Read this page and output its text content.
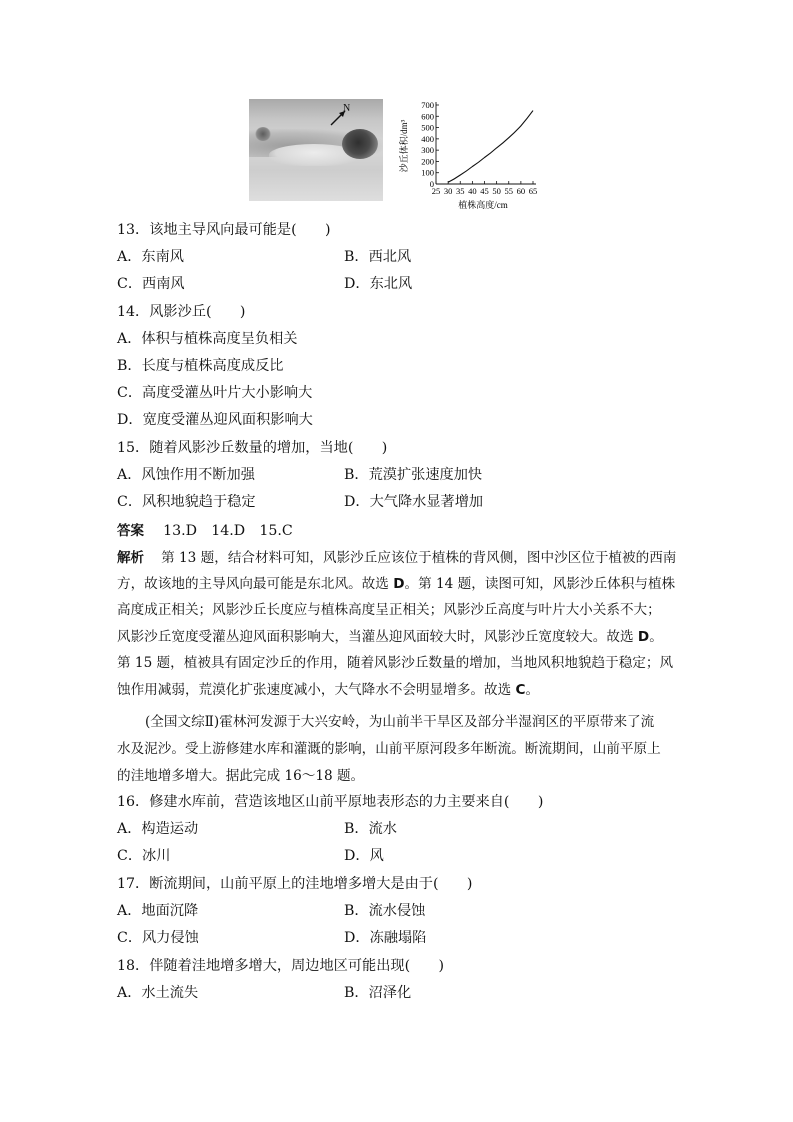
N
0
100
200
300
400
500
600
700
25 30 35 40 45 50 55 60 65
植株高度/cm
沙丘体积/dm³
13．该地主导风向最可能是(　　)
A．东南风	B．西北风
C．西南风	D．东北风
14．风影沙丘(　　)
A．体积与植株高度呈负相关
B．长度与植株高度成反比
C．高度受灌丛叶片大小影响大
D．宽度受灌丛迎风面积影响大
15．随着风影沙丘数量的增加，当地(　　)
A．风蚀作用不断加强	B．荒漠扩张速度加快
C．风积地貌趋于稳定	D．大气降水显著增加
答案 13.D　14.D　15.C
解析 第 13 题，结合材料可知，风影沙丘应该位于植株的背风侧，图中沙区位于植被的西南
方，故该地的主导风向最可能是东北风。故选 D。第 14 题，读图可知，风影沙丘体积与植株
高度成正相关；风影沙丘长度应与植株高度呈正相关；风影沙丘高度与叶片大小关系不大；
风影沙丘宽度受灌丛迎风面积影响大，当灌丛迎风面较大时，风影沙丘宽度较大。故选 D。
第 15 题，植被具有固定沙丘的作用，随着风影沙丘数量的增加，当地风积地貌趋于稳定；风
蚀作用减弱，荒漠化扩张速度减小，大气降水不会明显增多。故选 C。
(全国文综Ⅱ)霍林河发源于大兴安岭，为山前半干旱区及部分半湿润区的平原带来了流
水及泥沙。受上游修建水库和灌溉的影响，山前平原河段多年断流。断流期间，山前平原上
的洼地增多增大。据此完成 16～18 题。
16．修建水库前，营造该地区山前平原地表形态的力主要来自(　　)
A．构造运动	B．流水
C．冰川	D．风
17．断流期间，山前平原上的洼地增多增大是由于(　　)
A．地面沉降	B．流水侵蚀
C．风力侵蚀	D．冻融塌陷
18．伴随着洼地增多增大，周边地区可能出现(　　)
A．水土流失	B．沼泽化
